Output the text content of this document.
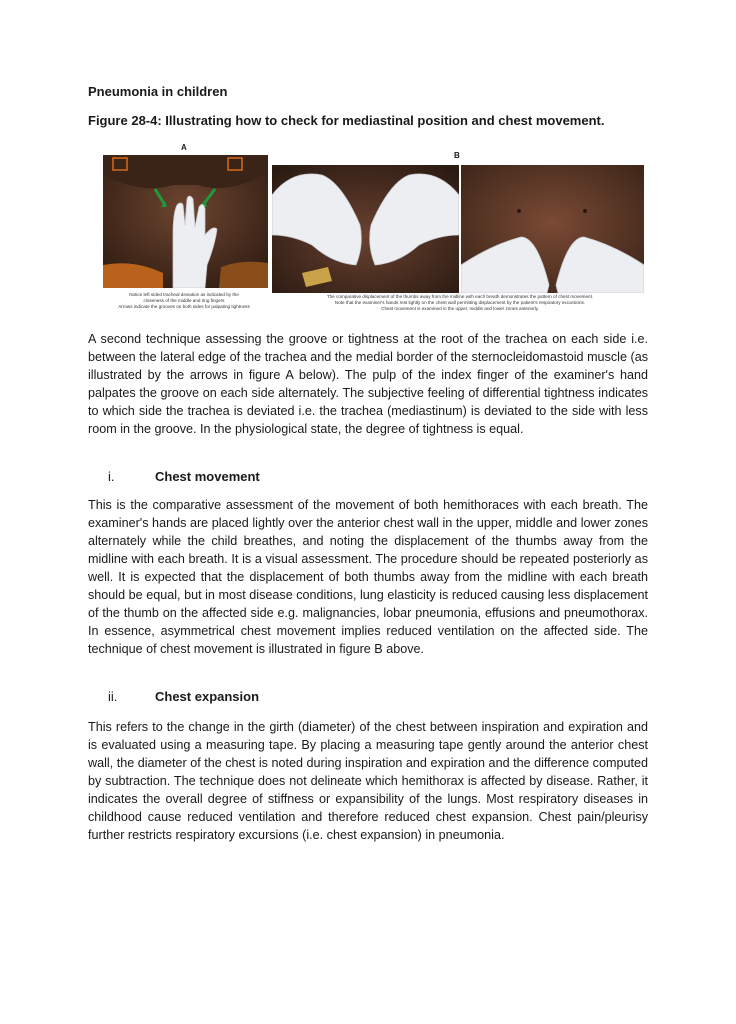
Pneumonia in children

Figure 28-4: Illustrating how to check for mediastinal position and chest movement.

A
B
Notice left sided tracheal deviation as indicated by the
closeness of the middle and ring fingers
Arrows indicate the grooves on both sides for palpating tightness
The comparative displacement of the thumbs away from the midline with each breath demonstrates the pattern of chest movement.
Note that the examiner's hands rest lightly on the chest wall permitting displacement by the patient's respiratory excursions.
Chest movement is examined in the upper, middle and lower zones anteriorly.

A second technique assessing the groove or tightness at the root of the trachea on each side i.e. between the lateral edge of the trachea and the medial border of the sternocleidomastoid muscle (as illustrated by the arrows in figure A below). The pulp of the index finger of the examiner's hand palpates the groove on each side alternately. The subjective feeling of differential tightness indicates to which side the trachea is deviated i.e. the trachea (mediastinum) is deviated to the side with less room in the groove. In the physiological state, the degree of tightness is equal.

i.	Chest movement

This is the comparative assessment of the movement of both hemithoraces with each breath. The examiner's hands are placed lightly over the anterior chest wall in the upper, middle and lower zones alternately while the child breathes, and noting the displacement of the thumbs away from the midline with each breath. It is a visual assessment. The procedure should be repeated posteriorly as well. It is expected that the displacement of both thumbs away from the midline with each breath should be equal, but in most disease conditions, lung elasticity is reduced causing less displacement of the thumb on the affected side e.g. malignancies, lobar pneumonia, effusions and pneumothorax. In essence, asymmetrical chest movement implies reduced ventilation on the affected side. The technique of chest movement is illustrated in figure B above.

ii.	Chest expansion

This refers to the change in the girth (diameter) of the chest between inspiration and expiration and is evaluated using a measuring tape. By placing a measuring tape gently around the anterior chest wall, the diameter of the chest is noted during inspiration and expiration and the difference computed by subtraction. The technique does not delineate which hemithorax is affected by disease. Rather, it indicates the overall degree of stiffness or expansibility of the lungs. Most respiratory diseases in childhood cause reduced ventilation and therefore reduced chest expansion. Chest pain/pleurisy further restricts respiratory excursions (i.e. chest expansion) in pneumonia.
